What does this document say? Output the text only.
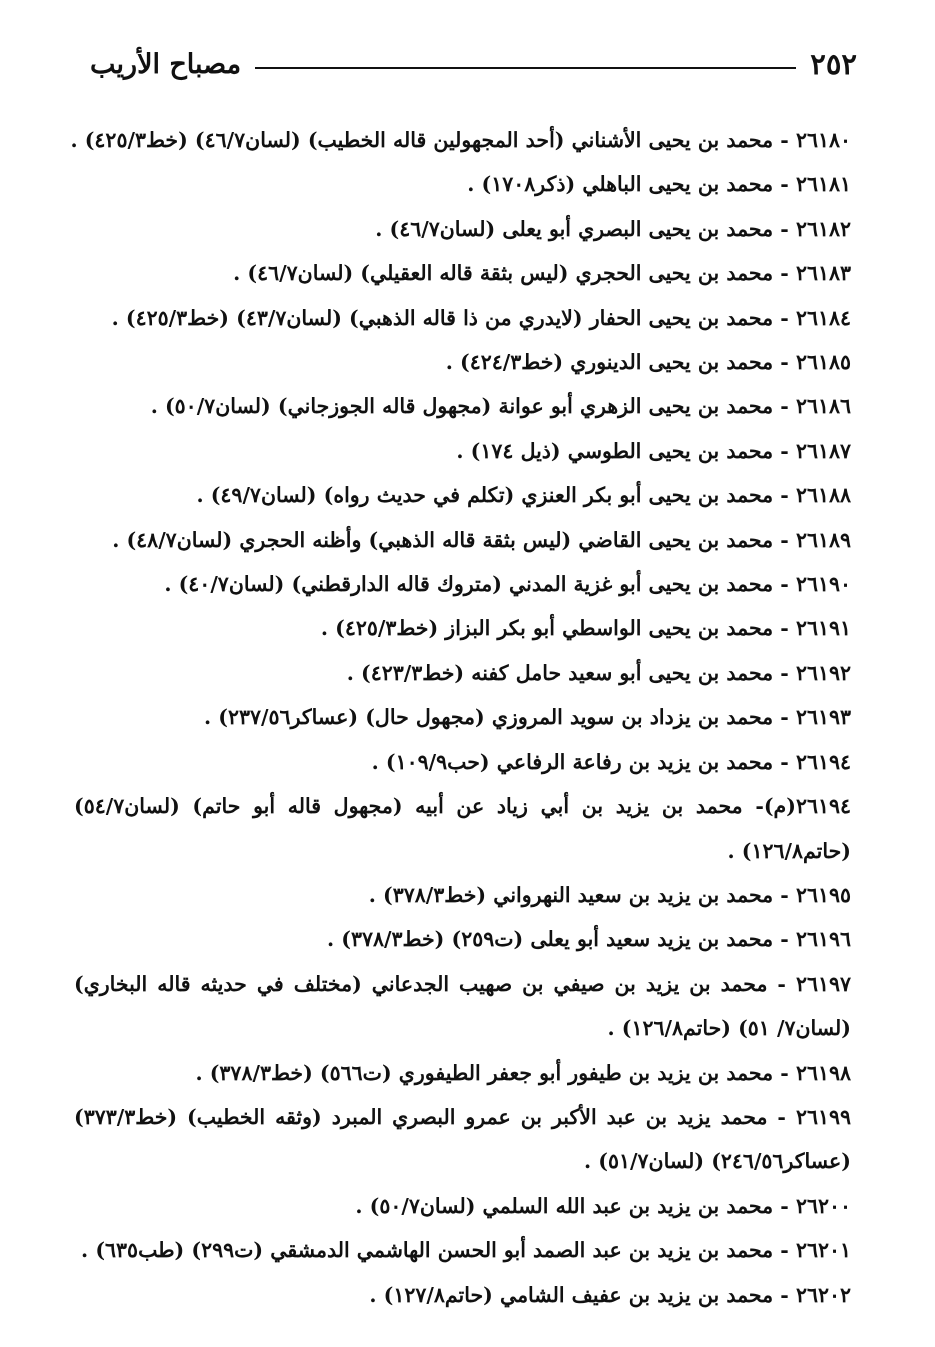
٢٥٢
مصباح الأريب
٢٦١٨٠ - محمد بن يحيى الأشناني (أحد المجهولين قاله الخطيب) (لسان٤٦/٧) (خط٤٢٥/٣) .
٢٦١٨١ - محمد بن يحيى الباهلي (ذكر١٧٠٨) .
٢٦١٨٢ - محمد بن يحيى البصري أبو يعلى (لسان٤٦/٧) .
٢٦١٨٣ - محمد بن يحيى الحجري (ليس بثقة قاله العقيلي) (لسان٤٦/٧) .
٢٦١٨٤ - محمد بن يحيى الحفار (لايدري من ذا قاله الذهبي) (لسان٤٣/٧) (خط٤٢٥/٣) .
٢٦١٨٥ - محمد بن يحيى الدينوري (خط٤٢٤/٣) .
٢٦١٨٦ - محمد بن يحيى الزهري أبو عوانة (مجهول قاله الجوزجاني) (لسان٥٠/٧) .
٢٦١٨٧ - محمد بن يحيى الطوسي (ذيل ١٧٤) .
٢٦١٨٨ - محمد بن يحيى أبو بكر العنزي (تكلم في حديث رواه) (لسان٤٩/٧) .
٢٦١٨٩ - محمد بن يحيى القاضي (ليس بثقة قاله الذهبي) وأظنه الحجري (لسان٤٨/٧) .
٢٦١٩٠ - محمد بن يحيى أبو غزية المدني (متروك قاله الدارقطني) (لسان٤٠/٧) .
٢٦١٩١ - محمد بن يحيى الواسطي أبو بكر البزاز (خط٤٢٥/٣) .
٢٦١٩٢ - محمد بن يحيى أبو سعيد حامل كفنه (خط٤٢٣/٣) .
٢٦١٩٣ - محمد بن يزداد بن سويد المروزي (مجهول حال) (عساكر٢٣٧/٥٦) .
٢٦١٩٤ - محمد بن يزيد بن رفاعة الرفاعي (حب١٠٩/٩) .
٢٦١٩٤(م)- محمد بن يزيد بن أبي زياد عن أبيه (مجهول قاله أبو حاتم) (لسان٥٤/٧) (حاتم١٢٦/٨) .
٢٦١٩٥ - محمد بن يزيد بن سعيد النهرواني (خط٣٧٨/٣) .
٢٦١٩٦ - محمد بن يزيد سعيد أبو يعلى (ت٢٥٩) (خط٣٧٨/٣) .
٢٦١٩٧ - محمد بن يزيد بن صيفي بن صهيب الجدعاني (مختلف في حديثه قاله البخاري) (لسان٧/ ٥١) (حاتم١٢٦/٨) .
٢٦١٩٨ - محمد بن يزيد بن طيفور أبو جعفر الطيفوري (ت٥٦٦) (خط٣٧٨/٣) .
٢٦١٩٩ - محمد يزيد بن عبد الأكبر بن عمرو البصري المبرد (وثقه الخطيب) (خط٣٧٣/٣) (عساكر٢٤٦/٥٦) (لسان٥١/٧) .
٢٦٢٠٠ - محمد بن يزيد بن عبد الله السلمي (لسان٥٠/٧) .
٢٦٢٠١ - محمد بن يزيد بن عبد الصمد أبو الحسن الهاشمي الدمشقي (ت٢٩٩) (طب٦٣٥) .
٢٦٢٠٢ - محمد بن يزيد بن عفيف الشامي (حاتم١٢٧/٨) .
